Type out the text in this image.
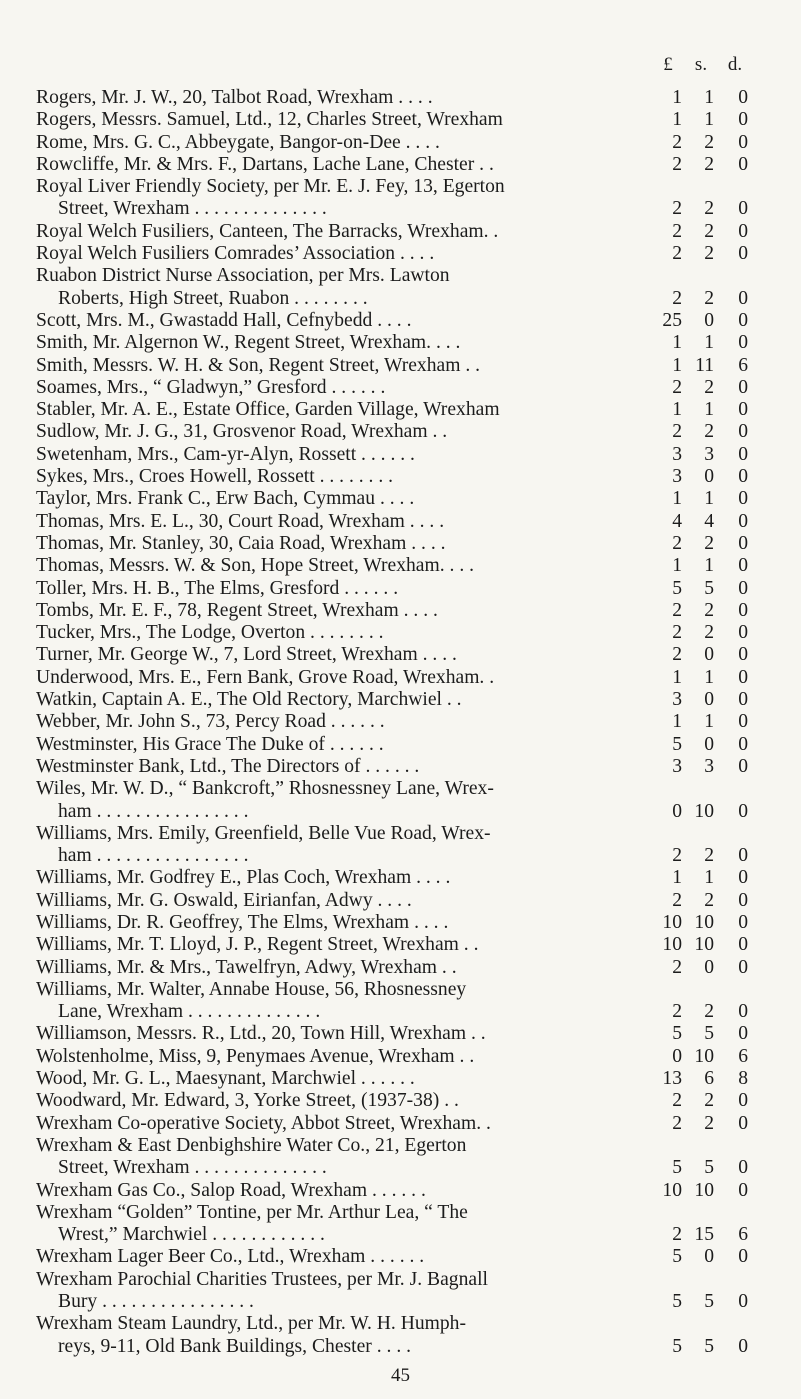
£	s.	d.
Rogers, Mr. J. W., 20, Talbot Road, Wrexham . . . .	1	1	0
Rogers, Messrs. Samuel, Ltd., 12, Charles Street, Wrexham	1	1	0
Rome, Mrs. G. C., Abbeygate, Bangor-on-Dee . . . .	2	2	0
Rowcliffe, Mr. & Mrs. F., Dartans, Lache Lane, Chester . .	2	2	0
Royal Liver Friendly Society, per Mr. E. J. Fey, 13, Egerton
Street, Wrexham . . . . . . . . . . . . . .	2	2	0
Royal Welch Fusiliers, Canteen, The Barracks, Wrexham. .	2	2	0
Royal Welch Fusiliers Comrades’ Association . . . .	2	2	0
Ruabon District Nurse Association, per Mrs. Lawton
Roberts, High Street, Ruabon . . . . . . . .	2	2	0
Scott, Mrs. M., Gwastadd Hall, Cefnybedd . . . .	25	0	0
Smith, Mr. Algernon W., Regent Street, Wrexham. . . .	1	1	0
Smith, Messrs. W. H. & Son, Regent Street, Wrexham . .	1 11	6
Soames, Mrs., “ Gladwyn,” Gresford . . . . . .	2	2	0
Stabler, Mr. A. E., Estate Office, Garden Village, Wrexham	1	1	0
Sudlow, Mr. J. G., 31, Grosvenor Road, Wrexham . .	2	2	0
Swetenham, Mrs., Cam-yr-Alyn, Rossett . . . . . .	3	3	0
Sykes, Mrs., Croes Howell, Rossett . . . . . . . .	3	0	0
Taylor, Mrs. Frank C., Erw Bach, Cymmau . . . .	1	1	0
Thomas, Mrs. E. L., 30, Court Road, Wrexham . . . .	4	4	0
Thomas, Mr. Stanley, 30, Caia Road, Wrexham . . . .	2	2	0
Thomas, Messrs. W. & Son, Hope Street, Wrexham. . . .	1	1	0
Toller, Mrs. H. B., The Elms, Gresford . . . . . .	5	5	0
Tombs, Mr. E. F., 78, Regent Street, Wrexham . . . .	2	2	0
Tucker, Mrs., The Lodge, Overton . . . . . . . .	2	2	0
Turner, Mr. George W., 7, Lord Street, Wrexham . . . .	2	0	0
Underwood, Mrs. E., Fern Bank, Grove Road, Wrexham. .	1	1	0
Watkin, Captain A. E., The Old Rectory, Marchwiel . .	3	0	0
Webber, Mr. John S., 73, Percy Road . . . . . .	1	1	0
Westminster, His Grace The Duke of . . . . . .	5	0	0
Westminster Bank, Ltd., The Directors of . . . . . .	3	3	0
Wiles, Mr. W. D., “ Bankcroft,” Rhosnessney Lane, Wrex-
ham . . . . . . . . . . . . . . . .	0 10	0
Williams, Mrs. Emily, Greenfield, Belle Vue Road, Wrex-
ham . . . . . . . . . . . . . . . .	2	2	0
Williams, Mr. Godfrey E., Plas Coch, Wrexham . . . .	1	1	0
Williams, Mr. G. Oswald, Eirianfan, Adwy . . . .	2	2	0
Williams, Dr. R. Geoffrey, The Elms, Wrexham . . . .	10 10	0
Williams, Mr. T. Lloyd, J. P., Regent Street, Wrexham . .	10 10	0
Williams, Mr. & Mrs., Tawelfryn, Adwy, Wrexham . .	2	0	0
Williams, Mr. Walter, Annabe House, 56, Rhosnessney
Lane, Wrexham . . . . . . . . . . . . . .	2	2	0
Williamson, Messrs. R., Ltd., 20, Town Hill, Wrexham . .	5	5	0
Wolstenholme, Miss, 9, Penymaes Avenue, Wrexham . .	0 10	6
Wood, Mr. G. L., Maesynant, Marchwiel . . . . . .	13	6	8
Woodward, Mr. Edward, 3, Yorke Street, (1937-38) . .	2	2	0
Wrexham Co-operative Society, Abbot Street, Wrexham. .	2	2	0
Wrexham & East Denbighshire Water Co., 21, Egerton
Street, Wrexham . . . . . . . . . . . . . .	5	5	0
Wrexham Gas Co., Salop Road, Wrexham . . . . . .	10 10	0
Wrexham “Golden” Tontine, per Mr. Arthur Lea, “ The
Wrest,” Marchwiel . . . . . . . . . . . .	2 15	6
Wrexham Lager Beer Co., Ltd., Wrexham . . . . . .	5	0	0
Wrexham Parochial Charities Trustees, per Mr. J. Bagnall
Bury . . . . . . . . . . . . . . . .	5	5	0
Wrexham Steam Laundry, Ltd., per Mr. W. H. Humph-
reys, 9-11, Old Bank Buildings, Chester . . . .	5	5	0
45
